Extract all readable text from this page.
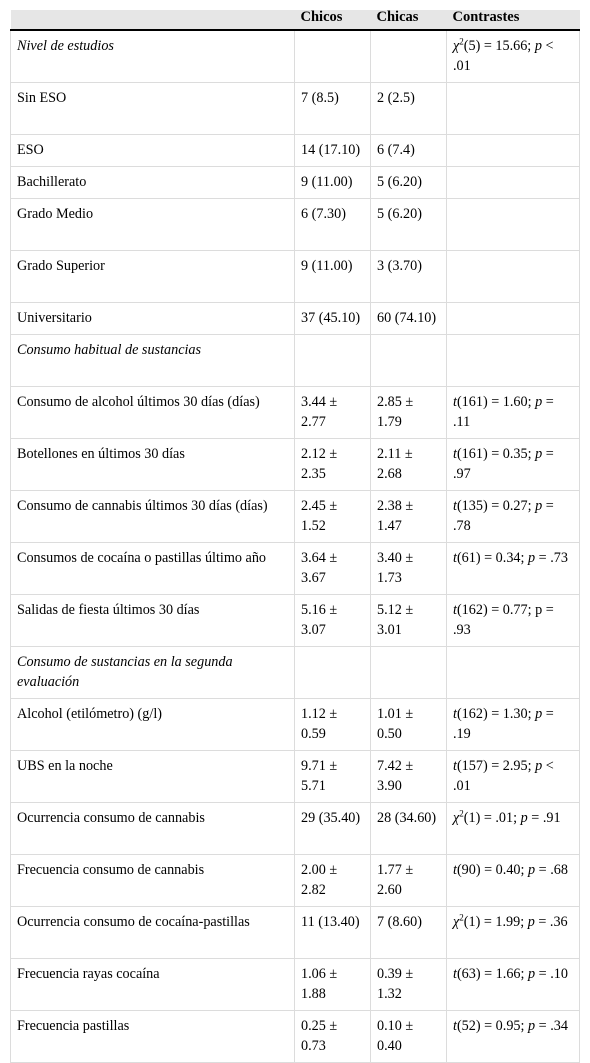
	Chicos	Chicas	Contrastes
Nivel de estudios			$\chi^2(5) = 15.66$; p < .01
Sin ESO	7 (8.5)	2 (2.5)	
ESO	14 (17.10)	6 (7.4)	
Bachillerato	9 (11.00)	5 (6.20)	
Grado Medio	6 (7.30)	5 (6.20)	
Grado Superior	9 (11.00)	3 (3.70)	
Universitario	37 (45.10)	60 (74.10)	
Consumo habitual de sustancias			
Consumo de alcohol últimos 30 días (días)	3.44 ± 2.77	2.85 ± 1.79	t(161) = 1.60; p = .11
Botellones en últimos 30 días	2.12 ± 2.35	2.11 ± 2.68	t(161) = 0.35; p = .97
Consumo de cannabis últimos 30 días (días)	2.45 ± 1.52	2.38 ± 1.47	t(135) = 0.27; p = .78
Consumos de cocaína o pastillas último año	3.64 ± 3.67	3.40 ± 1.73	t(61) = 0.34; p = .73
Salidas de fiesta últimos 30 días	5.16 ± 3.07	5.12 ± 3.01	t(162) = 0.77; p = .93
Consumo de sustancias en la segunda evaluación			
Alcohol (etilómetro) (g/l)	1.12 ± 0.59	1.01 ± 0.50	t(162) = 1.30; p = .19
UBS en la noche	9.71 ± 5.71	7.42 ± 3.90	t(157) = 2.95; p < .01
Ocurrencia consumo de cannabis	29 (35.40)	28 (34.60)	$\chi^2(1) = .01$; p = .91
Frecuencia consumo de cannabis	2.00 ± 2.82	1.77 ± 2.60	t(90) = 0.40; p = .68
Ocurrencia consumo de cocaína-pastillas	11 (13.40)	7 (8.60)	$\chi^2(1) = 1.99$; p = .36
Frecuencia rayas cocaína	1.06 ± 1.88	0.39 ± 1.32	t(63) = 1.66; p = .10
Frecuencia pastillas	0.25 ± 0.73	0.10 ± 0.40	t(52) = 0.95; p = .34
